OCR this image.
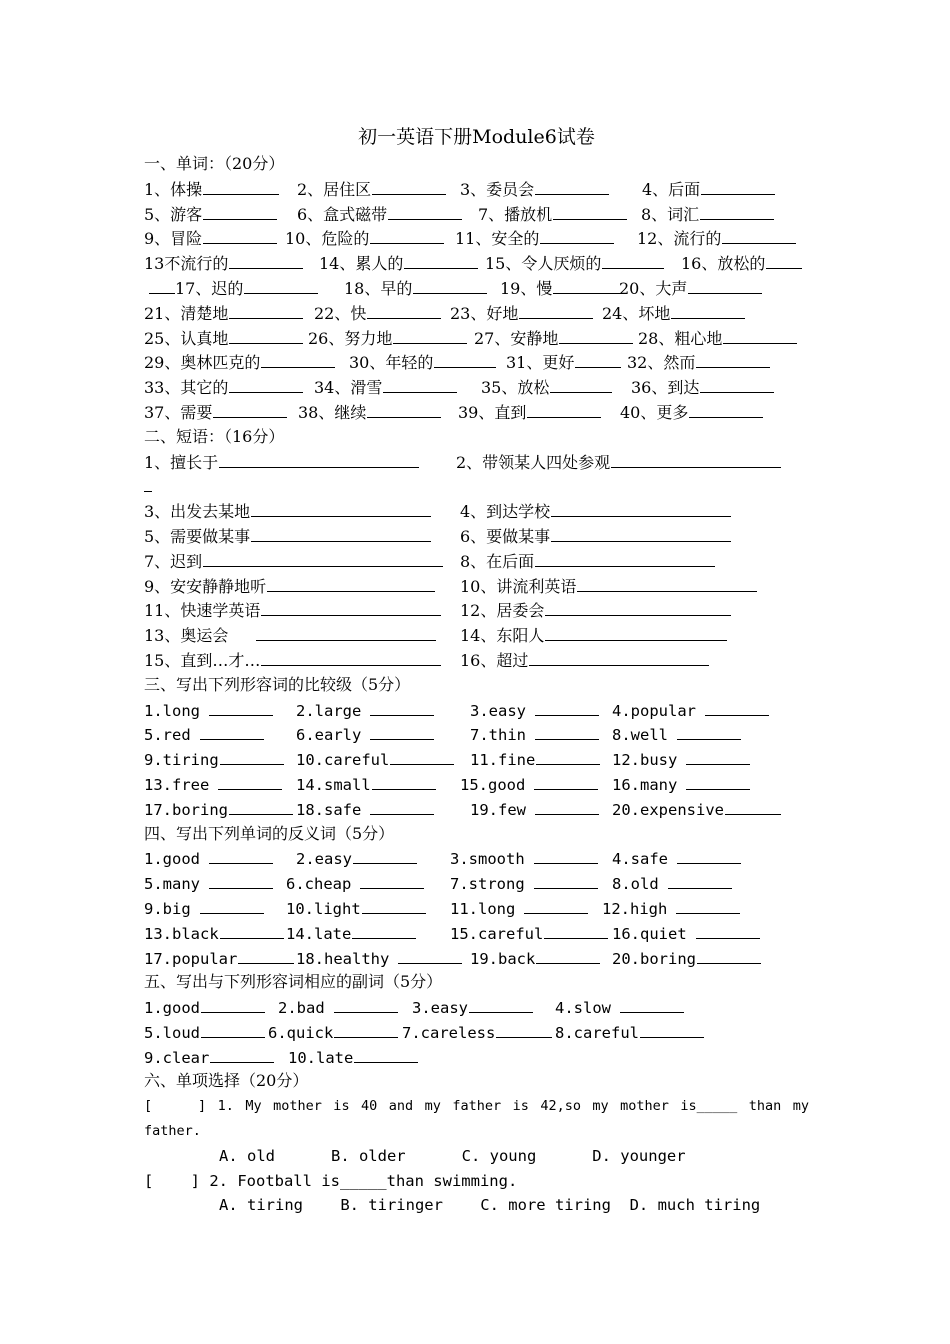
初一英语下册Module6试卷
一、单词：（20分）
1、体操	2、居住区	3、委员会	4、后面
5、游客	6、盒式磁带	7、播放机	8、词汇
9、冒险	10、危险的	11、安全的	12、流行的
13不流行的	14、累人的	15、令人厌烦的	16、放松的
17、迟的	18、早的	19、慢	20、大声
21、清楚地	22、快	23、好地	24、坏地
25、认真地	26、努力地	27、安静地	28、粗心地
29、奥林匹克的	30、年轻的	31、更好	32、然而
33、其它的	34、滑雪	35、放松	36、到达
37、需要	38、继续	39、直到	40、更多
二、短语：（16分）
1、擅长于	2、带领某人四处参观
3、出发去某地	4、到达学校
5、需要做某事	6、要做某事
7、迟到	8、在后面
9、安安静静地听	10、讲流利英语
11、快速学英语	12、居委会
13、奥运会	14、东阳人
15、直到…才…	16、超过
三、写出下列形容词的比较级（5分）
1.long	2.large	3.easy	4.popular
5.red	6.early	7.thin	8.well
9.tiring	10.careful	11.fine	12.busy
13.free	14.small	15.good	16.many
17.boring	18.safe	19.few	20.expensive
四、写出下列单词的反义词（5分）
1.good	2.easy	3.smooth	4.safe
5.many	6.cheap	7.strong	8.old
9.big	10.light	11.long	12.high
13.black	14.late	15.careful	16.quiet
17.popular	18.healthy	19.back	20.boring
五、写出与下列形容词相应的副词（5分）
1.good	2.bad	3.easy	4.slow
5.loud	6.quick	7.careless	8.careful
9.clear	10.late
六、单项选择（20分）
[    ] 1. My mother is 40 and my father is 42,so my mother is_____ than my
father.
A. old      B. older      C. young      D. younger
[    ] 2. Football is_____than swimming.
A. tiring    B. tiringer    C. more tiring  D. much tiring
